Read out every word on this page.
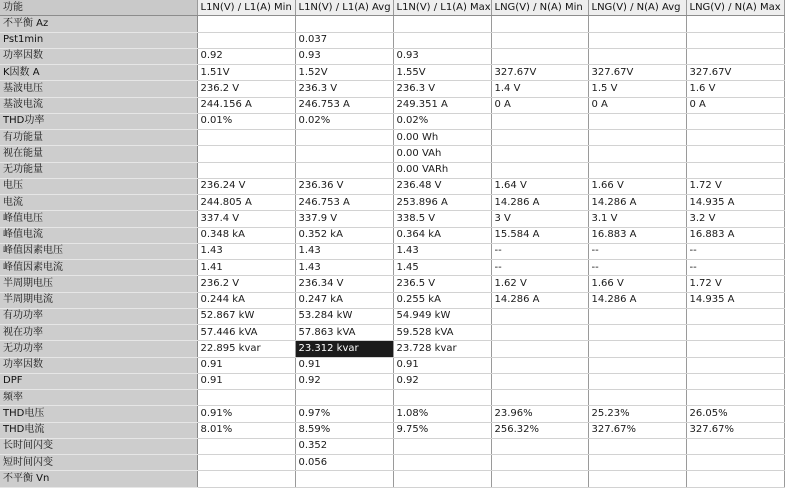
功能	L1N(V) / L1(A) Min	L1N(V) / L1(A) Avg	L1N(V) / L1(A) Max	LNG(V) / N(A) Min	LNG(V) / N(A) Avg	LNG(V) / N(A) Max
不平衡 Az						
Pst1min		0.037				
功率因数	0.92	0.93	0.93			
K因数 A	1.51V	1.52V	1.55V	327.67V	327.67V	327.67V
基波电压	236.2 V	236.3 V	236.3 V	1.4 V	1.5 V	1.6 V
基波电流	244.156 A	246.753 A	249.351 A	0 A	0 A	0 A
THD功率	0.01%	0.02%	0.02%			
有功能量			0.00 Wh			
视在能量			0.00 VAh			
无功能量			0.00 VARh			
电压	236.24 V	236.36 V	236.48 V	1.64 V	1.66 V	1.72 V
电流	244.805 A	246.753 A	253.896 A	14.286 A	14.286 A	14.935 A
峰值电压	337.4 V	337.9 V	338.5 V	3 V	3.1 V	3.2 V
峰值电流	0.348 kA	0.352 kA	0.364 kA	15.584 A	16.883 A	16.883 A
峰值因素电压	1.43	1.43	1.43	--	--	--
峰值因素电流	1.41	1.43	1.45	--	--	--
半周期电压	236.2 V	236.34 V	236.5 V	1.62 V	1.66 V	1.72 V
半周期电流	0.244 kA	0.247 kA	0.255 kA	14.286 A	14.286 A	14.935 A
有功功率	52.867 kW	53.284 kW	54.949 kW			
视在功率	57.446 kVA	57.863 kVA	59.528 kVA			
无功功率	22.895 kvar	23.312 kvar	23.728 kvar			
功率因数	0.91	0.91	0.91			
DPF	0.91	0.92	0.92			
频率						
THD电压	0.91%	0.97%	1.08%	23.96%	25.23%	26.05%
THD电流	8.01%	8.59%	9.75%	256.32%	327.67%	327.67%
长时间闪变		0.352				
短时间闪变		0.056				
不平衡 Vn						
